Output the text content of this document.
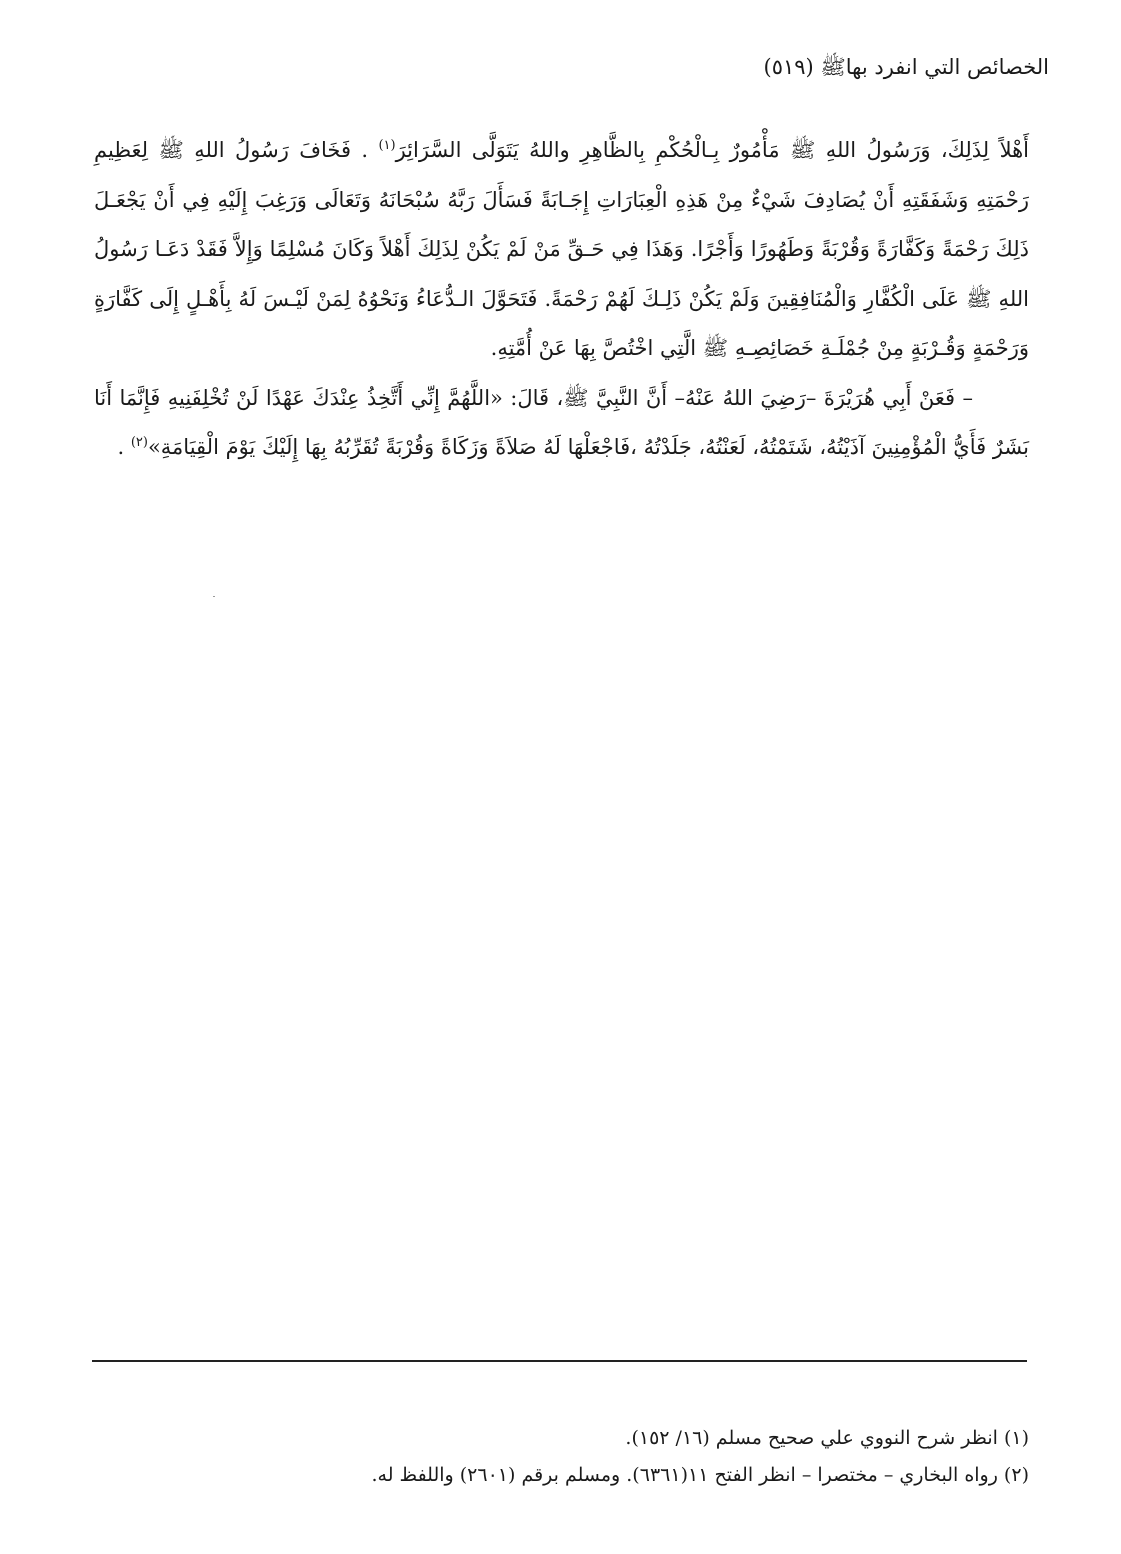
الخصائص التي انفرد بهاﷺ (٥١٩)

أَهْلاً لِذَلِكَ، وَرَسُولُ اللهِ ﷺ مَأْمُورٌ بِـالْحُكْمِ بِالظَّاهِرِ واللهُ يَتَوَلَّى السَّرَائِرَ$^{(١)}$ . فَخَافَ رَسُولُ اللهِ ﷺ لِعَظِيمِ رَحْمَتِهِ وَشَفَقَتِهِ أَنْ يُصَادِفَ شَيْءٌ مِنْ هَذِهِ الْعِبَارَاتِ إِجَـابَةً فَسَأَلَ رَبَّهُ سُبْحَانَهُ وَتَعَالَى وَرَغِبَ إِلَيْهِ فِي أَنْ يَجْعَـلَ ذَلِكَ رَحْمَةً وَكَفَّارَةً وَقُرْبَةً وَطَهُورًا وَأَجْرًا. وَهَذَا فِي حَـقِّ مَنْ لَمْ يَكُنْ لِذَلِكَ أَهْلاً وَكَانَ مُسْلِمًا وَإِلاَّ فَقَدْ دَعَـا رَسُولُ اللهِ ﷺ عَلَى الْكُفَّارِ وَالْمُنَافِقِينَ وَلَمْ يَكُنْ ذَلِـكَ لَهُمْ رَحْمَةً. فَتَحَوَّلَ الـدُّعَاءُ وَنَحْوُهُ لِمَنْ لَيْـسَ لَهُ بِأَهْـلٍ إِلَى كَفَّارَةٍ وَرَحْمَةٍ وَقُـرْبَةٍ مِنْ جُمْلَـةِ خَصَائِصِـهِ ﷺ الَّتِي اخْتُصَّ بِهَا عَنْ أُمَّتِهِ.

– فَعَنْ أَبِي هُرَيْرَةَ –رَضِيَ اللهُ عَنْهُ– أَنَّ النَّبِيَّ ﷺ، قَالَ: «اللَّهُمَّ إِنِّي أَتَّخِذُ عِنْدَكَ عَهْدًا لَنْ تُخْلِفَنِيهِ فَإِنَّمَا أَنَا بَشَرٌ فَأَيُّ الْمُؤْمِنِينَ آذَيْتُهُ، شَتَمْتُهُ، لَعَنْتُهُ، جَلَدْتُهُ ،فَاجْعَلْهَا لَهُ صَلاَةً وَزَكَاةً وَقُرْبَةً تُقَرِّبُهُ بِهَا إِلَيْكَ يَوْمَ الْقِيَامَةِ»$^{(٢)}$ .

(١) انظر شرح النووي علي صحيح مسلم (١٦/ ١٥٢).

(٢) رواه البخاري – مختصرا – انظر الفتح ١١(٦٣٦١). ومسلم برقم (٢٦٠١) واللفظ له.
